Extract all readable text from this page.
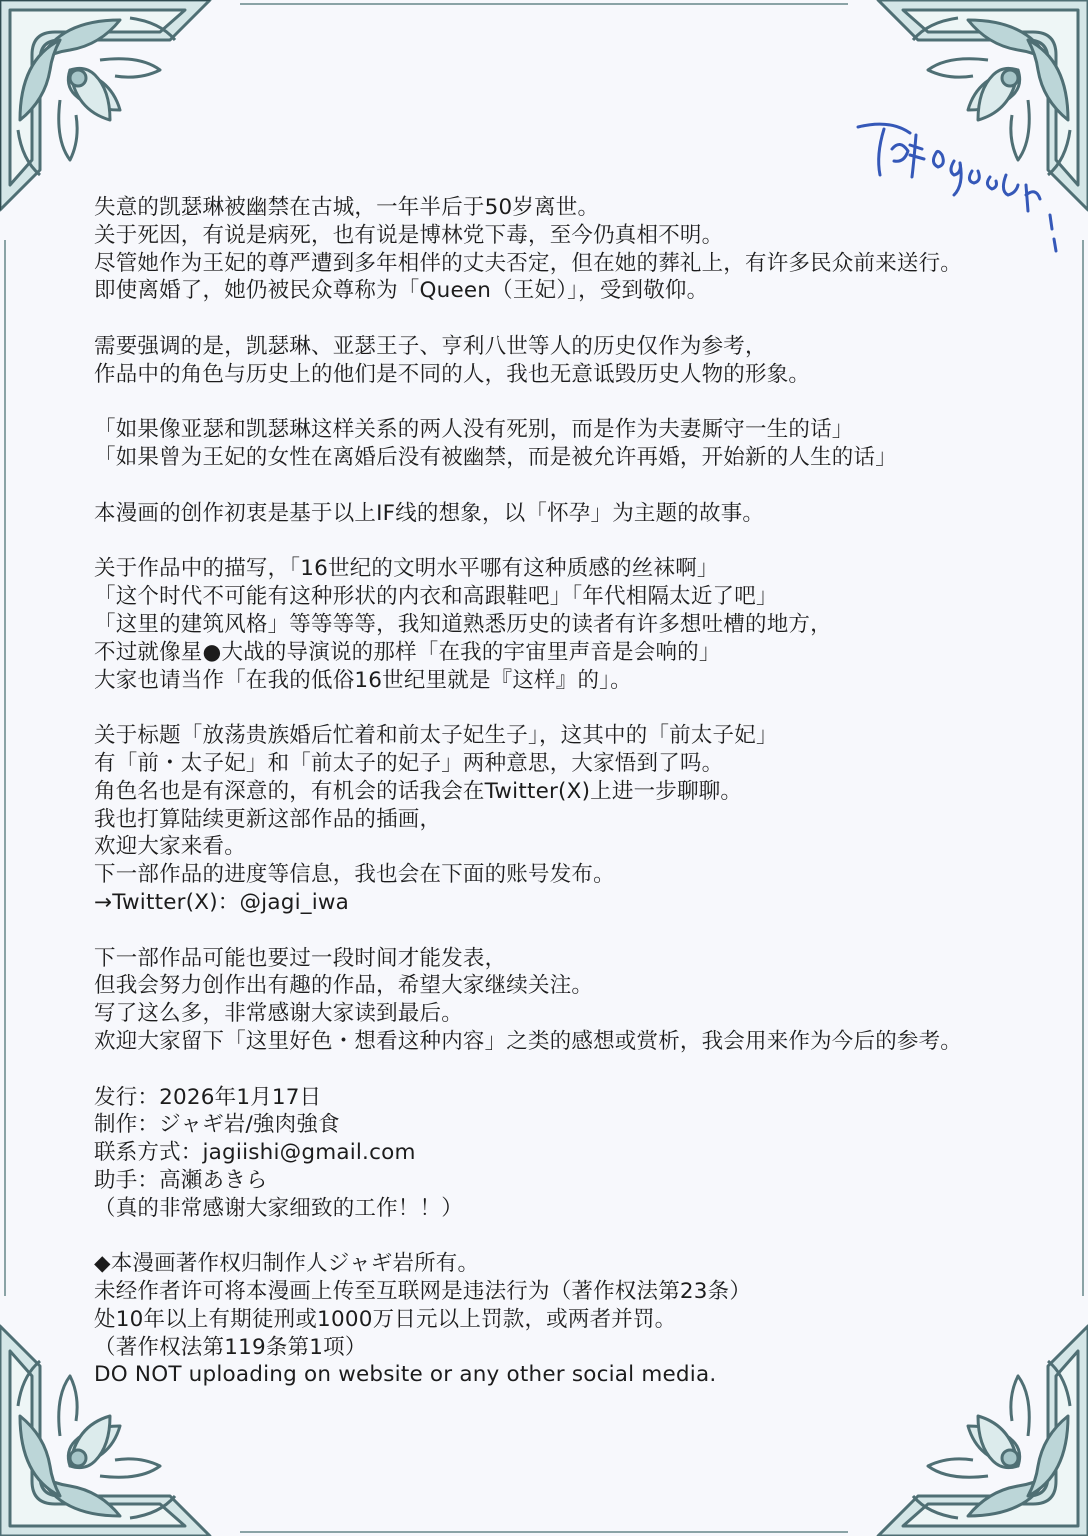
失意的凯瑟琳被幽禁在古城，一年半后于50岁离世。
关于死因，有说是病死，也有说是博林党下毒，至今仍真相不明。
尽管她作为王妃的尊严遭到多年相伴的丈夫否定，但在她的葬礼上，有许多民众前来送行。
即使离婚了，她仍被民众尊称为「Queen（王妃）」，受到敬仰。
需要强调的是，凯瑟琳、亚瑟王子、亨利八世等人的历史仅作为参考，
作品中的角色与历史上的他们是不同的人，我也无意诋毁历史人物的形象。
「如果像亚瑟和凯瑟琳这样关系的两人没有死别，而是作为夫妻厮守一生的话」
「如果曾为王妃的女性在离婚后没有被幽禁，而是被允许再婚，开始新的人生的话」
本漫画的创作初衷是基于以上IF线的想象，以「怀孕」为主题的故事。
关于作品中的描写，「16世纪的文明水平哪有这种质感的丝袜啊」
「这个时代不可能有这种形状的内衣和高跟鞋吧」「年代相隔太近了吧」
「这里的建筑风格」等等等等，我知道熟悉历史的读者有许多想吐槽的地方，
不过就像星●大战的导演说的那样「在我的宇宙里声音是会响的」
大家也请当作「在我的低俗16世纪里就是『这样』的」。
关于标题「放荡贵族婚后忙着和前太子妃生子」，这其中的「前太子妃」
有「前・太子妃」和「前太子的妃子」两种意思，大家悟到了吗。
角色名也是有深意的，有机会的话我会在Twitter(X)上进一步聊聊。
我也打算陆续更新这部作品的插画，
欢迎大家来看。
下一部作品的进度等信息，我也会在下面的账号发布。
→Twitter(X)：@jagi_iwa
下一部作品可能也要过一段时间才能发表，
但我会努力创作出有趣的作品，希望大家继续关注。
写了这么多，非常感谢大家读到最后。
欢迎大家留下「这里好色・想看这种内容」之类的感想或赏析，我会用来作为今后的参考。
发行：2026年1月17日
制作：ジャギ岩/強肉強食
联系方式：jagiishi@gmail.com
助手：高瀬あきら
（真的非常感谢大家细致的工作！！）
◆本漫画著作权归制作人ジャギ岩所有。
未经作者许可将本漫画上传至互联网是违法行为（著作权法第23条）
处10年以上有期徒刑或1000万日元以上罚款，或两者并罚。
（著作权法第119条第1项）
DO NOT uploading on website or any other social media.
